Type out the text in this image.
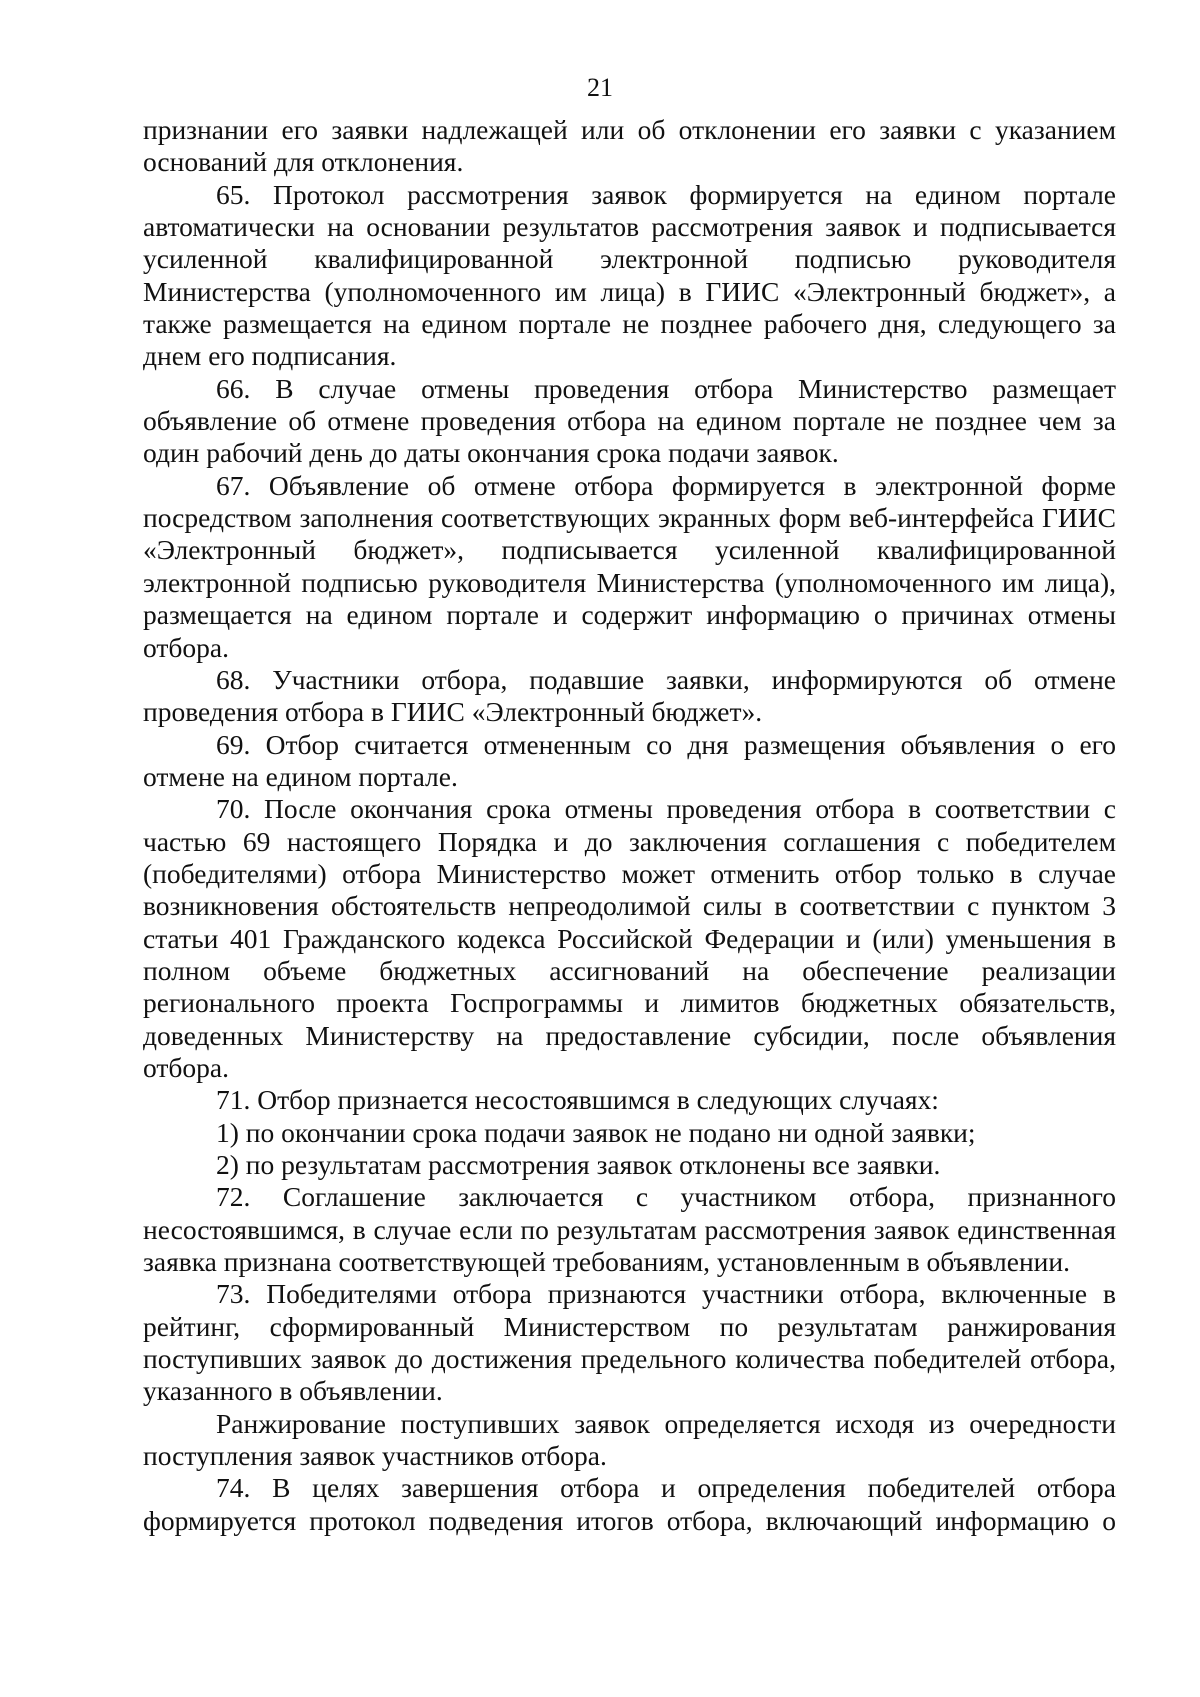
21

признании его заявки надлежащей или об отклонении его заявки с указанием оснований для отклонения.

65. Протокол рассмотрения заявок формируется на едином портале автоматически на основании результатов рассмотрения заявок и подписывается усиленной квалифицированной электронной подписью руководителя Министерства (уполномоченного им лица) в ГИИС «Электронный бюджет», а также размещается на едином портале не позднее рабочего дня, следующего за днем его подписания.

66. В случае отмены проведения отбора Министерство размещает объявление об отмене проведения отбора на едином портале не позднее чем за один рабочий день до даты окончания срока подачи заявок.

67. Объявление об отмене отбора формируется в электронной форме посредством заполнения соответствующих экранных форм веб-интерфейса ГИИС «Электронный бюджет», подписывается усиленной квалифицированной электронной подписью руководителя Министерства (уполномоченного им лица), размещается на едином портале и содержит информацию о причинах отмены отбора.

68. Участники отбора, подавшие заявки, информируются об отмене проведения отбора в ГИИС «Электронный бюджет».

69. Отбор считается отмененным со дня размещения объявления о его отмене на едином портале.

70. После окончания срока отмены проведения отбора в соответствии с частью 69 настоящего Порядка и до заключения соглашения с победителем (победителями) отбора Министерство может отменить отбор только в случае возникновения обстоятельств непреодолимой силы в соответствии с пунктом 3 статьи 401 Гражданского кодекса Российской Федерации и (или) уменьшения в полном объеме бюджетных ассигнований на обеспечение реализации регионального проекта Госпрограммы и лимитов бюджетных обязательств, доведенных Министерству на предоставление субсидии, после объявления отбора.

71. Отбор признается несостоявшимся в следующих случаях:

1) по окончании срока подачи заявок не подано ни одной заявки;

2) по результатам рассмотрения заявок отклонены все заявки.

72. Соглашение заключается с участником отбора, признанного несостоявшимся, в случае если по результатам рассмотрения заявок единственная заявка признана соответствующей требованиям, установленным в объявлении.

73. Победителями отбора признаются участники отбора, включенные в рейтинг, сформированный Министерством по результатам ранжирования поступивших заявок до достижения предельного количества победителей отбора, указанного в объявлении.

Ранжирование поступивших заявок определяется исходя из очередности поступления заявок участников отбора.

74. В целях завершения отбора и определения победителей отбора формируется протокол подведения итогов отбора, включающий информацию о
